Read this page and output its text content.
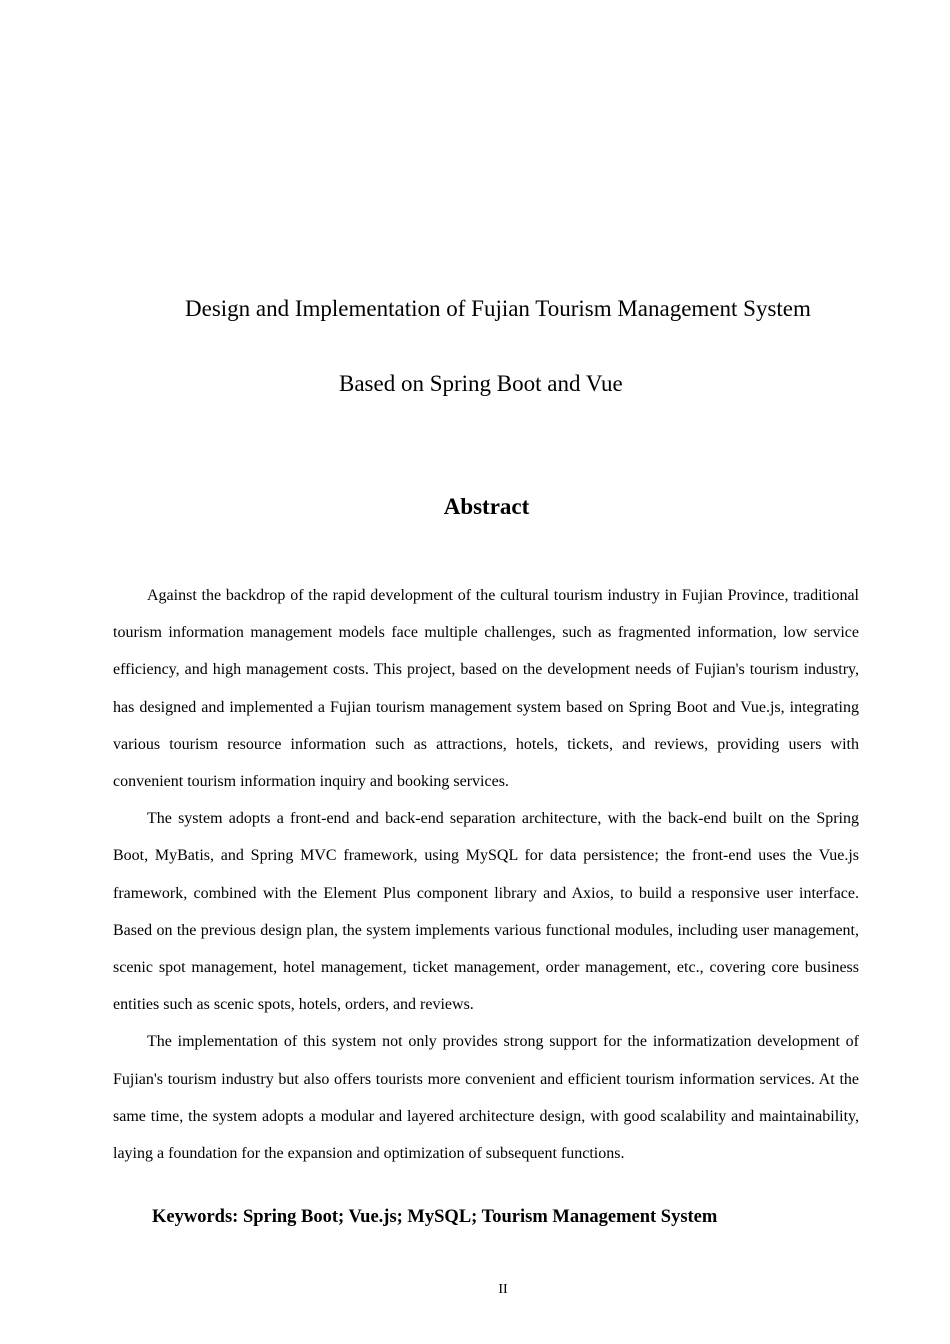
Design and Implementation of Fujian Tourism Management System
Based on Spring Boot and Vue
Abstract

Against the backdrop of the rapid development of the cultural tourism industry in Fujian Province, traditional tourism information management models face multiple challenges, such as fragmented information, low service efficiency, and high management costs. This project, based on the development needs of Fujian's tourism industry, has designed and implemented a Fujian tourism management system based on Spring Boot and Vue.js, integrating various tourism resource information such as attractions, hotels, tickets, and reviews, providing users with convenient tourism information inquiry and booking services.

The system adopts a front-end and back-end separation architecture, with the back-end built on the Spring Boot, MyBatis, and Spring MVC framework, using MySQL for data persistence; the front-end uses the Vue.js framework, combined with the Element Plus component library and Axios, to build a responsive user interface. Based on the previous design plan, the system implements various functional modules, including user management, scenic spot management, hotel management, ticket management, order management, etc., covering core business entities such as scenic spots, hotels, orders, and reviews.

The implementation of this system not only provides strong support for the informatization development of Fujian's tourism industry but also offers tourists more convenient and efficient tourism information services. At the same time, the system adopts a modular and layered architecture design, with good scalability and maintainability, laying a foundation for the expansion and optimization of subsequent functions.

Keywords: Spring Boot; Vue.js; MySQL; Tourism Management System
II
